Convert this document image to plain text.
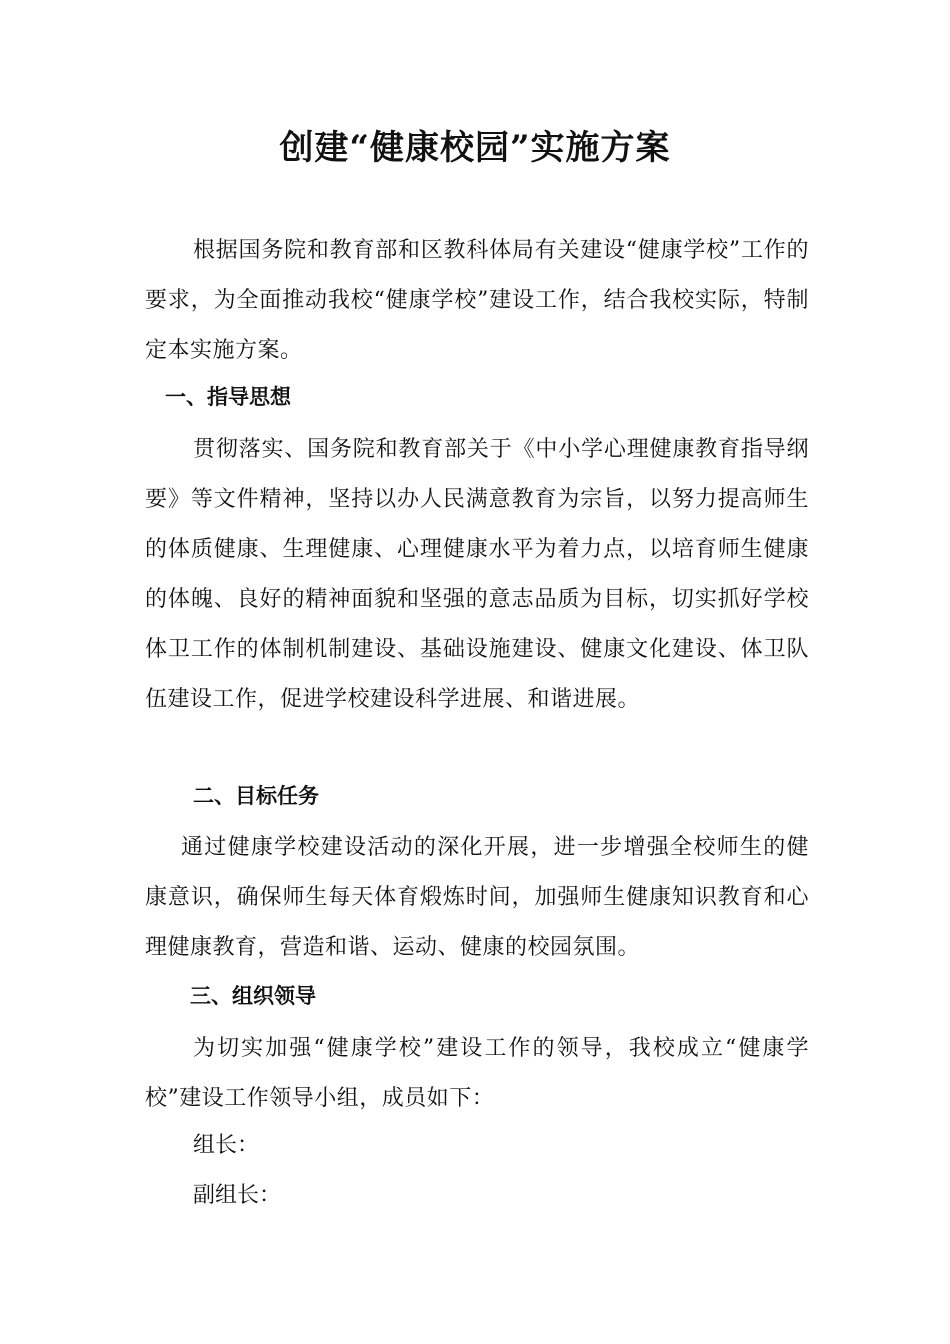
创建“健康校园”实施方案
根据国务院和教育部和区教科体局有关建设“健康学校”工作的要求，为全面推动我校“健康学校”建设工作，结合我校实际，特制定本实施方案。
一、指导思想
贯彻落实、国务院和教育部关于《中小学心理健康教育指导纲要》等文件精神，坚持以办人民满意教育为宗旨，以努力提高师生的体质健康、生理健康、心理健康水平为着力点，以培育师生健康的体魄、良好的精神面貌和坚强的意志品质为目标，切实抓好学校体卫工作的体制机制建设、基础设施建设、健康文化建设、体卫队伍建设工作，促进学校建设科学进展、和谐进展。
二、目标任务
通过健康学校建设活动的深化开展，进一步增强全校师生的健康意识，确保师生每天体育煅炼时间，加强师生健康知识教育和心理健康教育，营造和谐、运动、健康的校园氛围。
三、组织领导
为切实加强“健康学校”建设工作的领导，我校成立“健康学校”建设工作领导小组，成员如下：
组长：
副组长：
